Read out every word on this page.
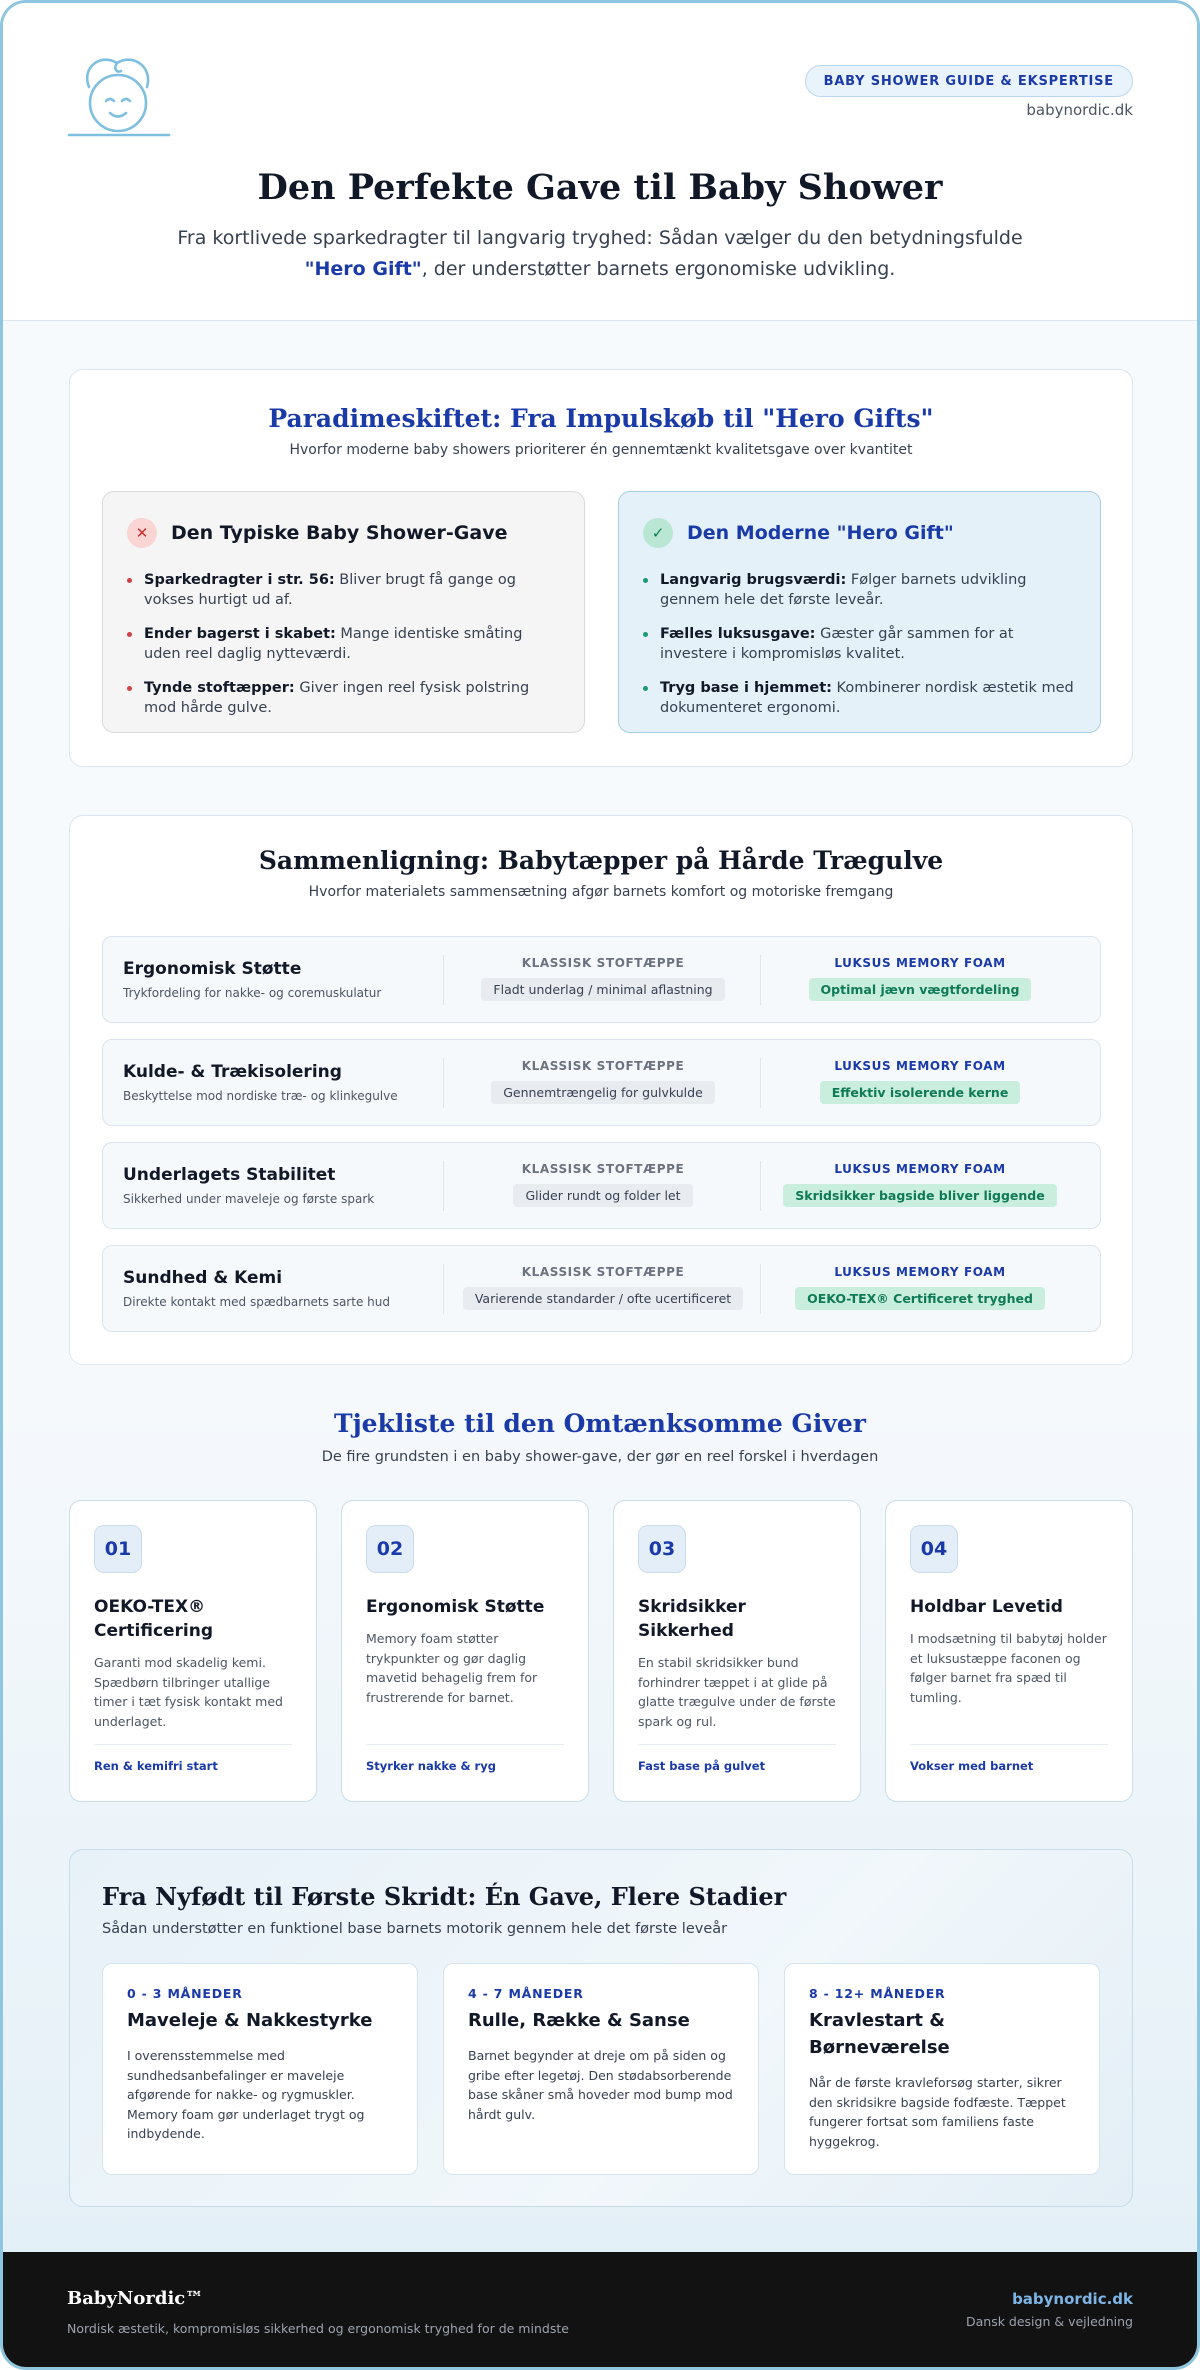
BABY SHOWER GUIDE & EKSPERTISE
babynordic.dk
Den Perfekte Gave til Baby Shower

Fra kortlivede sparkedragter til langvarig tryghed: Sådan vælger du den betydningsfulde "Hero Gift", der understøtter barnets ergonomiske udvikling.

Paradimeskiftet: Fra Impulskøb til "Hero Gifts"

Hvorfor moderne baby showers prioriterer én gennemtænkt kvalitetsgave over kvantitet

✕	Den Typiske Baby Shower-Gave
Sparkedragter i str. 56: Bliver brugt få gange og vokses hurtigt ud af.
Ender bagerst i skabet: Mange identiske småting uden reel daglig nytteværdi.
Tynde stoftæpper: Giver ingen reel fysisk polstring mod hårde gulve.
✓	Den Moderne "Hero Gift"
Langvarig brugsværdi: Følger barnets udvikling gennem hele det første leveår.
Fælles luksusgave: Gæster går sammen for at investere i kompromisløs kvalitet.
Tryg base i hjemmet: Kombinerer nordisk æstetik med dokumenteret ergonomi.
Sammenligning: Babytæpper på Hårde Trægulve

Hvorfor materialets sammensætning afgør barnets komfort og motoriske fremgang

Ergonomisk Støtte
Trykfordeling for nakke- og coremuskulatur
KLASSISK STOFTÆPPE
Fladt underlag / minimal aflastning
LUKSUS MEMORY FOAM
Optimal jævn vægtfordeling
Kulde- & Trækisolering
Beskyttelse mod nordiske træ- og klinkegulve
KLASSISK STOFTÆPPE
Gennemtrængelig for gulvkulde
LUKSUS MEMORY FOAM
Effektiv isolerende kerne
Underlagets Stabilitet
Sikkerhed under maveleje og første spark
KLASSISK STOFTÆPPE
Glider rundt og folder let
LUKSUS MEMORY FOAM
Skridsikker bagside bliver liggende
Sundhed & Kemi
Direkte kontakt med spædbarnets sarte hud
KLASSISK STOFTÆPPE
Varierende standarder / ofte ucertificeret
LUKSUS MEMORY FOAM
OEKO-TEX® Certificeret tryghed
Tjekliste til den Omtænksomme Giver

De fire grundsten i en baby shower-gave, der gør en reel forskel i hverdagen

01
OEKO-TEX® Certificering
Garanti mod skadelig kemi. Spædbørn tilbringer utallige timer i tæt fysisk kontakt med underlaget.
Ren & kemifri start
02
Ergonomisk Støtte
Memory foam støtter trykpunkter og gør daglig mavetid behagelig frem for frustrerende for barnet.
Styrker nakke & ryg
03
Skridsikker Sikkerhed
En stabil skridsikker bund forhindrer tæppet i at glide på glatte trægulve under de første spark og rul.
Fast base på gulvet
04
Holdbar Levetid
I modsætning til babytøj holder et luksustæppe faconen og følger barnet fra spæd til tumling.
Vokser med barnet
Fra Nyfødt til Første Skridt: Én Gave, Flere Stadier

Sådan understøtter en funktionel base barnets motorik gennem hele det første leveår

0 - 3 MÅNEDER
Maveleje & Nakkestyrke
I overensstemmelse med sundhedsanbefalinger er maveleje afgørende for nakke- og rygmuskler. Memory foam gør underlaget trygt og indbydende.
4 - 7 MÅNEDER
Rulle, Række & Sanse
Barnet begynder at dreje om på siden og gribe efter legetøj. Den stødabsorberende base skåner små hoveder mod bump mod hårdt gulv.
8 - 12+ MÅNEDER
Kravlestart & Børneværelse
Når de første kravleforsøg starter, sikrer den skridsikre bagside fodfæste. Tæppet fungerer fortsat som familiens faste hyggekrog.
BabyNordic™
Nordisk æstetik, kompromisløs sikkerhed og ergonomisk tryghed for de mindste
babynordic.dk
Dansk design & vejledning
